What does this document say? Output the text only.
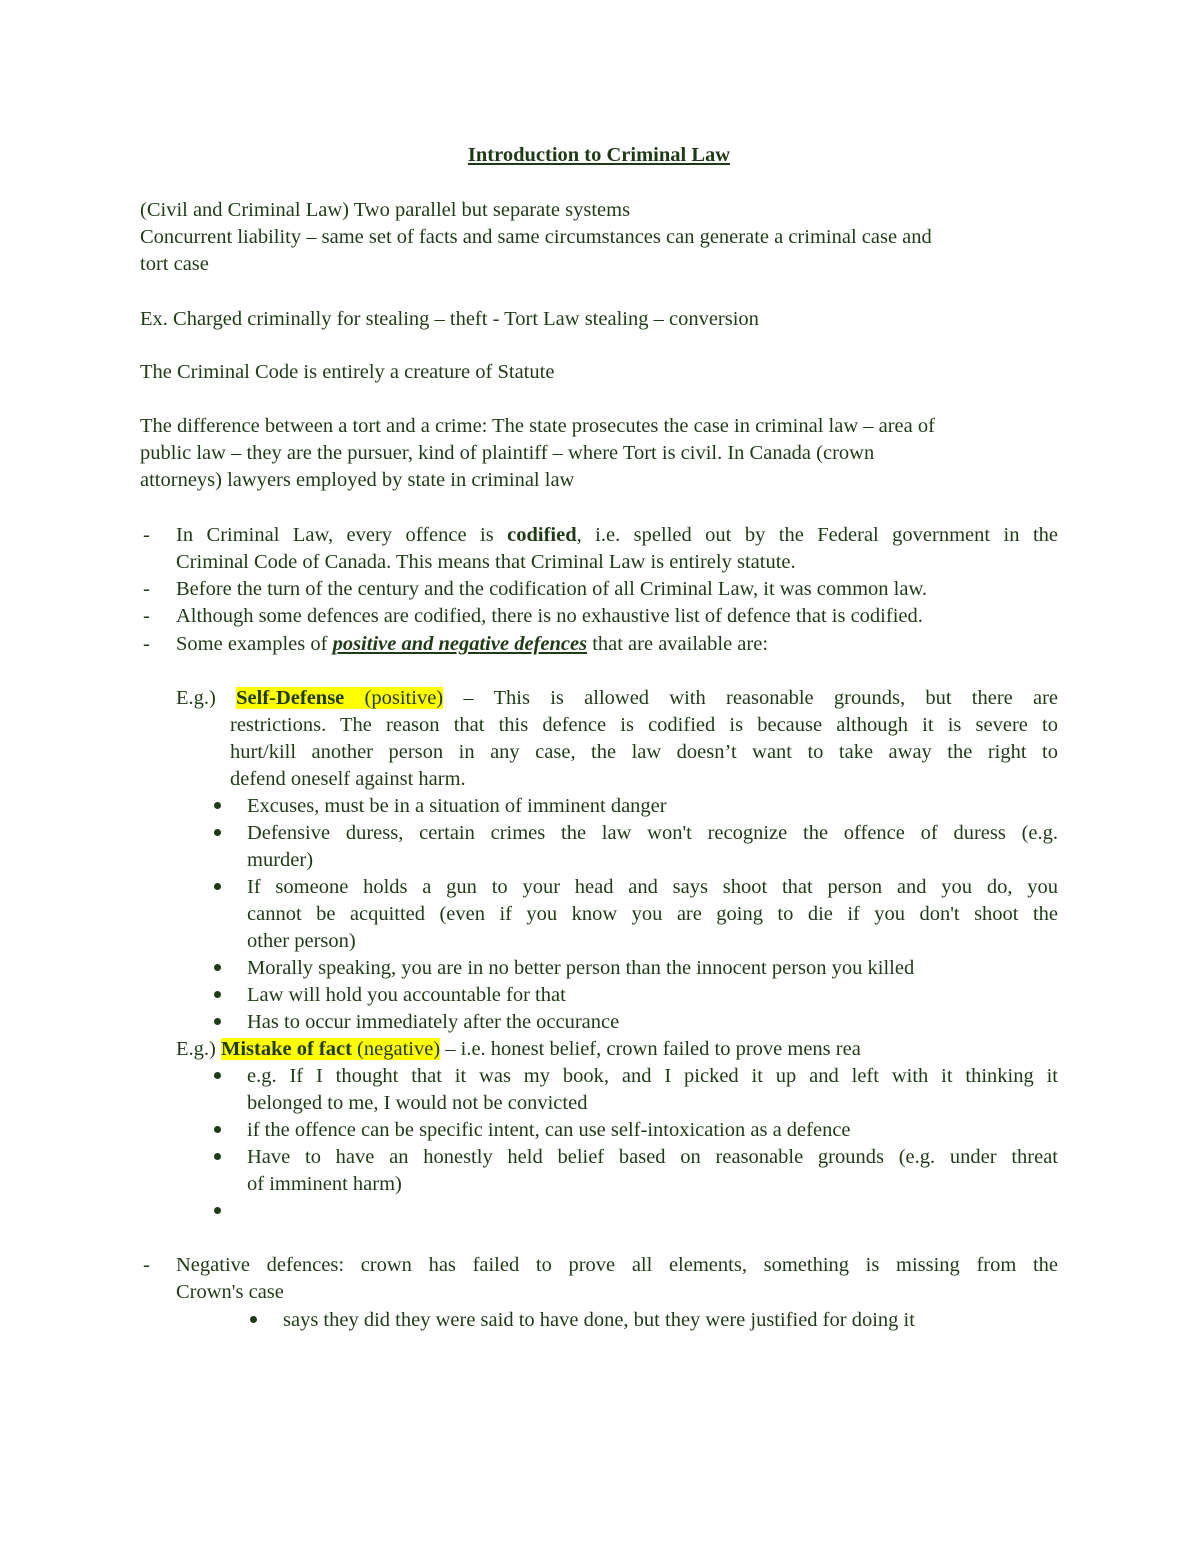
Introduction to Criminal Law
(Civil and Criminal Law) Two parallel but separate systems
Concurrent liability – same set of facts and same circumstances can generate a criminal case and
tort case
Ex. Charged criminally for stealing – theft - Tort Law stealing – conversion
The Criminal Code is entirely a creature of Statute
The difference between a tort and a crime: The state prosecutes the case in criminal law – area of
public law – they are the pursuer, kind of plaintiff – where Tort is civil. In Canada (crown
attorneys) lawyers employed by state in criminal law
- In Criminal Law, every offence is codified, i.e. spelled out by the Federal government in the
Criminal Code of Canada. This means that Criminal Law is entirely statute.
- Before the turn of the century and the codification of all Criminal Law, it was common law.
- Although some defences are codified, there is no exhaustive list of defence that is codified.
- Some examples of positive and negative defences that are available are:
E.g.) Self-Defense (positive) – This is allowed with reasonable grounds, but there are
restrictions. The reason that this defence is codified is because although it is severe to
hurt/kill another person in any case, the law doesn’t want to take away the right to
defend oneself against harm.
Excuses, must be in a situation of imminent danger
Defensive duress, certain crimes the law won't recognize the offence of duress (e.g.
murder)
If someone holds a gun to your head and says shoot that person and you do, you
cannot be acquitted (even if you know you are going to die if you don't shoot the
other person)
Morally speaking, you are in no better person than the innocent person you killed
Law will hold you accountable for that
Has to occur immediately after the occurance
E.g.) Mistake of fact (negative) – i.e. honest belief, crown failed to prove mens rea
e.g. If I thought that it was my book, and I picked it up and left with it thinking it
belonged to me, I would not be convicted
if the offence can be specific intent, can use self-intoxication as a defence
Have to have an honestly held belief based on reasonable grounds (e.g. under threat
of imminent harm)
- Negative defences: crown has failed to prove all elements, something is missing from the
Crown's case
says they did they were said to have done, but they were justified for doing it
